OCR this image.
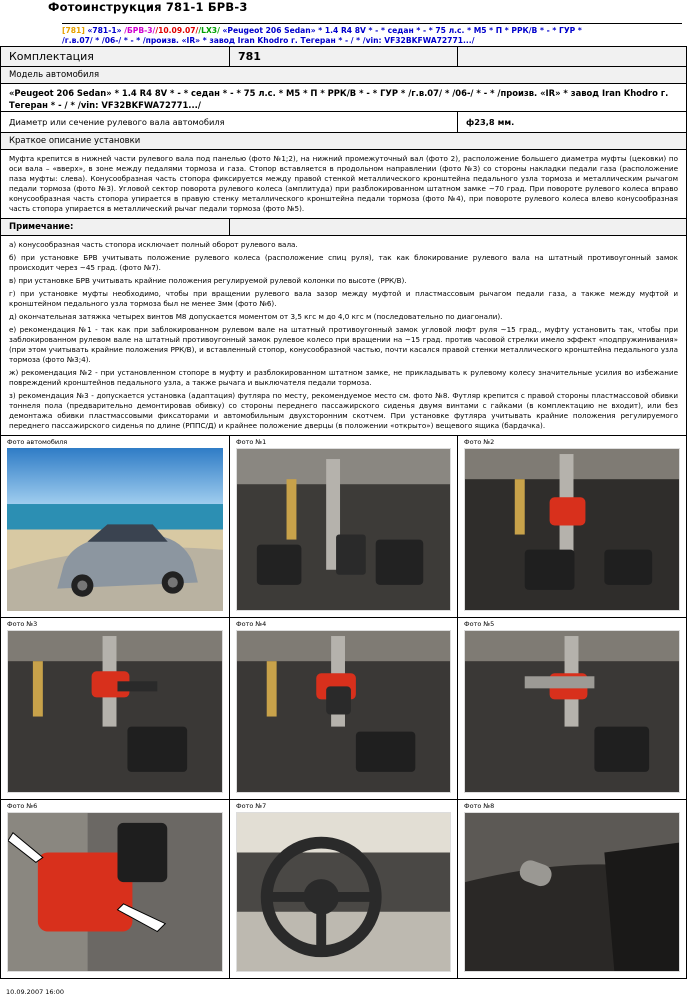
Фотоинструкция 781-1 БРВ-3
[781] «781-1» /БРВ-3//10.09.07//LX3/ «Peugeot 206 Sedan» * 1.4 R4 8V * - * седан * - * 75 л.с. * M5 * П * РРК/В * - * ГУР *
/г.в.07/ * /06-/ * - * /произв. «IR» * завод Iran Khodro г. Тегеран * - / * /vin: VF32BKFWA72771.../
Комплектация	781
Модель автомобиля
«Peugeot 206 Sedan» * 1.4 R4 8V * - * седан * - * 75 л.с. * M5 * П * РРК/В * - * ГУР * /г.в.07/ * /06-/ * - * /произв. «IR» * завод Iran Khodro г. Тегеран * - / * /vin: VF32BKFWA72771.../
Диаметр или сечение рулевого вала автомобиля	ф23,8 мм.
Краткое описание установки
Муфта крепится в нижней части рулевого вала под панелью (фото №1;2), на нижний промежуточный вал (фото 2), расположение большего диаметра муфты (цековки) по оси вала – «вверх», в зоне между педалями тормоза и газа. Стопор вставляется в продольном направлении (фото №3) со стороны накладки педали газа (расположение паза муфты: слева). Конусообразная часть стопора фиксируется между правой стенкой металлического кронштейна педального узла тормоза и металлическим рычагом педали тормоза (фото №3). Угловой сектор поворота рулевого колеса (амплитуда) при разблокированном штатном замке ~70 град. При повороте рулевого колеса вправо конусообразная часть стопора упирается в правую стенку металлического кронштейна педали тормоза (фото №4), при повороте рулевого колеса влево конусообразная часть стопора упирается в металлический рычаг педали тормоза (фото №5).
Примечание:
а) конусообразная часть стопора исключает полный оборот рулевого вала.
б) при установке БРВ учитывать положение рулевого колеса (расположение спиц руля), так как блокирование рулевого вала на штатный противоугонный замок происходит через ~45 град. (фото №7).
в) при установке БРВ учитывать крайние положения регулируемой рулевой колонки по высоте (РРК/В).
г) при установке муфты необходимо, чтобы при вращении рулевого вала зазор между муфтой и пластмассовым рычагом педали газа, а также между муфтой и кронштейном педального узла тормоза был не менее 3мм (фото №6).
д) окончательная затяжка четырех винтов М8 допускается моментом от 3,5 кгс м до 4,0 кгс м (последовательно по диагонали).
е) рекомендация №1 - так как при заблокированном рулевом вале на штатный противоугонный замок угловой люфт руля ~15 град., муфту установить так, чтобы при заблокированном рулевом вале на штатный противоугонный замок рулевое колесо при вращении на ~15 град. против часовой стрелки имело эффект «подпружинивания» (при этом учитывать крайние положения РРК/В), и вставленный стопор, конусообразной частью, почти касался правой стенки металлического кронштейна педального узла тормоза (фото №3;4).
ж) рекомендация №2 - при установленном стопоре в муфту и разблокированном штатном замке, не прикладывать к рулевому колесу значительные усилия во избежание повреждений кронштейнов педального узла, а также рычага и выключателя педали тормоза.
з) рекомендация №3 - допускается установка (адаптация) футляра по месту, рекомендуемое место см. фото №8. Футляр крепится с правой стороны пластмассовой обивки тоннеля пола (предварительно демонтировав обивку) со стороны переднего пассажирского сиденья двумя винтами с гайками (в комплектацию не входит), или без демонтажа обивки пластмассовыми фиксаторами и автомобильным двухсторонним скотчем. При установке футляра учитывать крайние положения регулируемого переднего пассажирского сиденья по длине (РППС/Д) и крайнее положение дверцы (в положении «открыто») вещевого ящика (бардачка).
Фото автомобиля	Фото №1	Фото №2
Фото №3	Фото №4	Фото №5
Фото №6	Фото №7	Фото №8
10.09.2007 16:00
